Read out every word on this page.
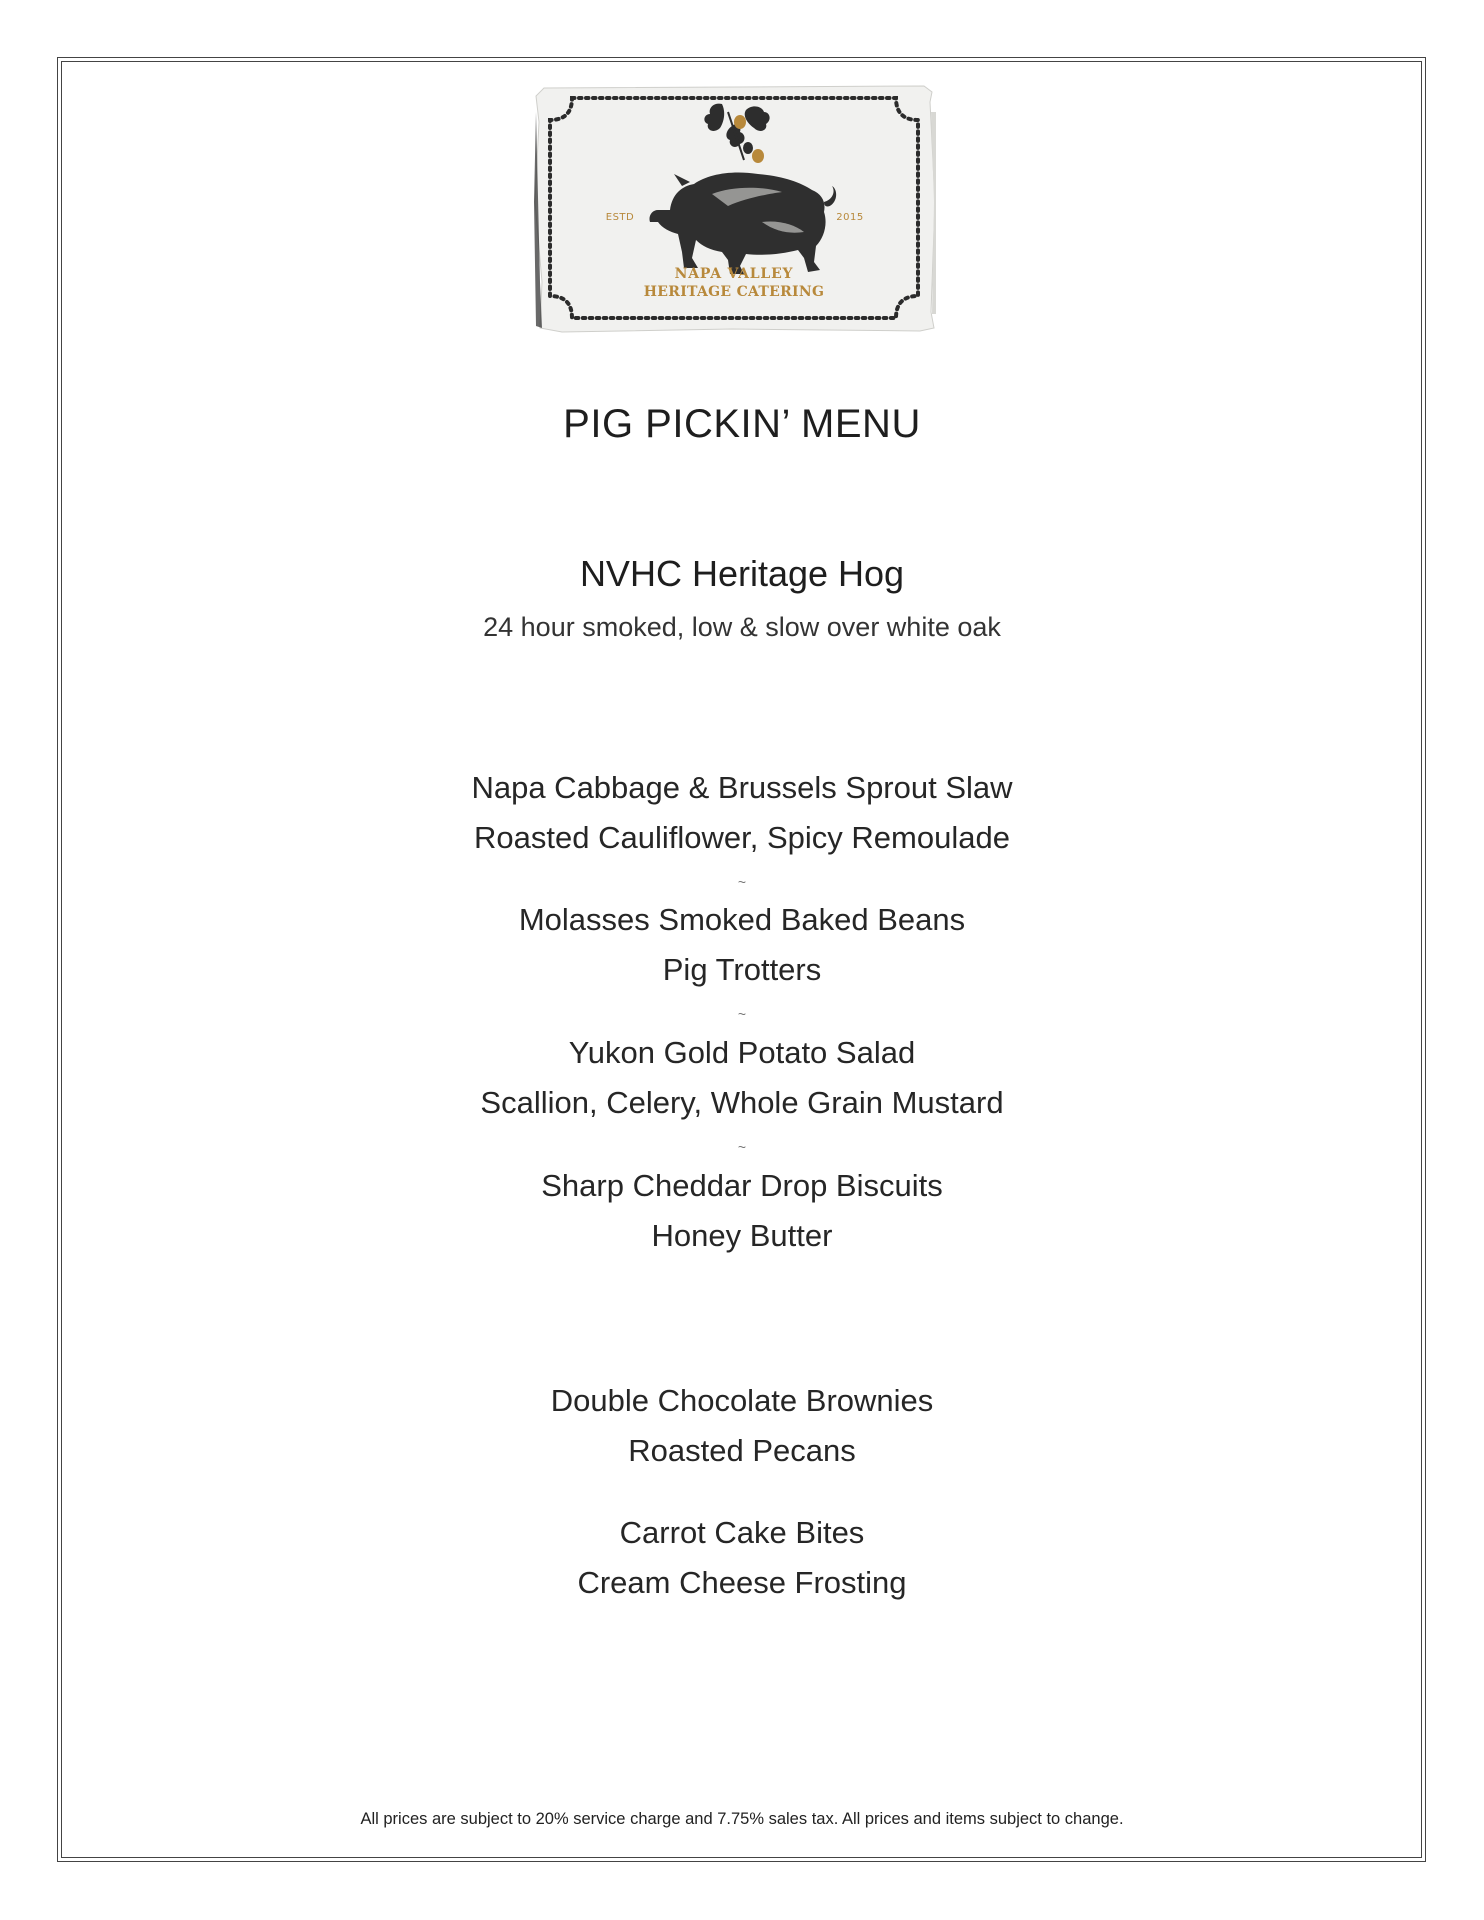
ESTD	2015
NAPA VALLEY
HERITAGE CATERING
PIG PICKIN’ MENU
NVHC Heritage Hog
24 hour smoked, low & slow over white oak
Napa Cabbage & Brussels Sprout Slaw
Roasted Cauliflower, Spicy Remoulade
~
Molasses Smoked Baked Beans
Pig Trotters
~
Yukon Gold Potato Salad
Scallion, Celery, Whole Grain Mustard
~
Sharp Cheddar Drop Biscuits
Honey Butter
Double Chocolate Brownies
Roasted Pecans
Carrot Cake Bites
Cream Cheese Frosting
All prices are subject to 20% service charge and 7.75% sales tax. All prices and items subject to change.
